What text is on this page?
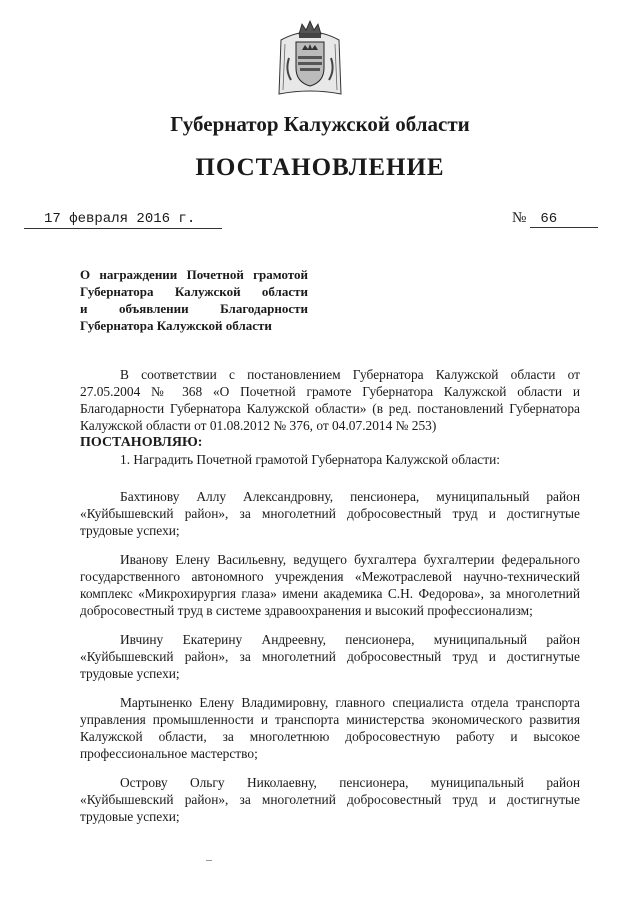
Губернатор Калужской области
ПОСТАНОВЛЕНИЕ
17 февраля 2016 г.	№ 66
О награждении Почетной грамотой
Губернатора Калужской области
и объявлении Благодарности
Губернатора Калужской области

В соответствии с постановлением Губернатора Калужской области от 27.05.2004 № 368 «О Почетной грамоте Губернатора Калужской области и Благодарности Губернатора Калужской области» (в ред. постановлений Губернатора Калужской области от 01.08.2012 № 376, от 04.07.2014 № 253)

ПОСТАНОВЛЯЮ:

1. Наградить Почетной грамотой Губернатора Калужской области:

Бахтинову Аллу Александровну, пенсионера, муниципальный район «Куйбышевский район», за многолетний добросовестный труд и достигнутые трудовые успехи;

Иванову Елену Васильевну, ведущего бухгалтера бухгалтерии федерального государственного автономного учреждения «Межотраслевой научно-технический комплекс «Микрохирургия глаза» имени академика С.Н. Федорова», за многолетний добросовестный труд в системе здравоохранения и высокий профессионализм;

Ивчину Екатерину Андреевну, пенсионера, муниципальный район «Куйбышевский район», за многолетний добросовестный труд и достигнутые трудовые успехи;

Мартыненко Елену Владимировну, главного специалиста отдела транспорта управления промышленности и транспорта министерства экономического развития Калужской области, за многолетнюю добросовестную работу и высокое профессиональное мастерство;

Острову Ольгу Николаевну, пенсионера, муниципальный район «Куйбышевский район», за многолетний добросовестный труд и достигнутые трудовые успехи;
